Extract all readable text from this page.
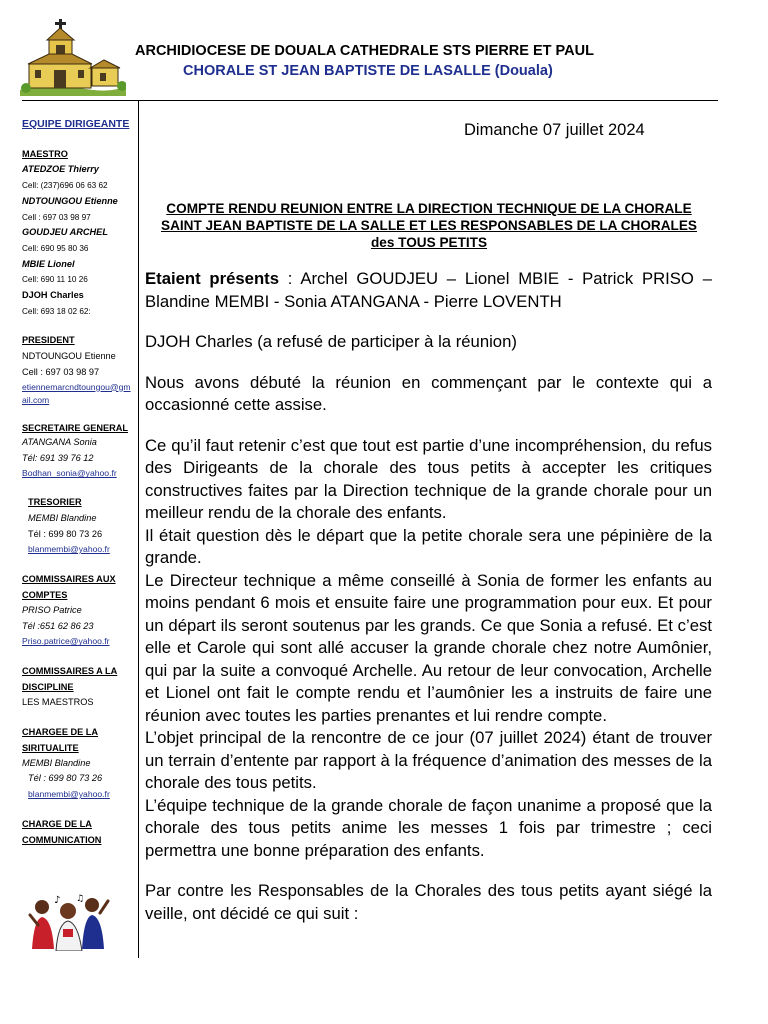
ARCHIDIOCESE DE DOUALA CATHEDRALE STS PIERRE ET PAUL
CHORALE ST JEAN BAPTISTE DE LASALLE (Douala)
EQUIPE DIRIGEANTE
MAESTRO
ATEDZOE Thierry
Cell: (237)696 06 63 62
NDTOUNGOU Etienne
Cell : 697 03 98 97
GOUDJEU ARCHEL
Cell: 690 95 80 36
MBIE Lionel
Cell: 690 11 10 26
DJOH Charles
Cell: 693 18 02 62:
PRESIDENT
NDTOUNGOU Etienne
Cell : 697 03 98 97
etiennemarcndtoungou@gmail.com
SECRETAIRE GENERAL
ATANGANA Sonia
Tél: 691 39 76 12
Bodhan_sonia@yahoo.fr
TRESORIER
MEMBI Blandine
Tél : 699 80 73 26
blanmembi@yahoo.fr
COMMISSAIRES AUX COMPTES
PRISO Patrice
Tél :651 62 86 23
Priso.patrice@yahoo.fr
COMMISSAIRES A LA DISCIPLINE
LES MAESTROS
CHARGEE DE LA SIRITUALITE
MEMBI Blandine
Tél : 699 80 73 26
blanmembi@yahoo.fr
CHARGE DE LA COMMUNICATION
♪ ♫
Dimanche 07 juillet 2024
COMPTE RENDU REUNION ENTRE LA DIRECTION TECHNIQUE DE LA CHORALE SAINT JEAN BAPTISTE DE LA SALLE ET LES RESPONSABLES DE LA CHORALES des TOUS PETITS

Etaient présents : Archel GOUDJEU – Lionel MBIE - Patrick PRISO – Blandine MEMBI - Sonia ATANGANA - Pierre LOVENTH

DJOH Charles (a refusé de participer à la réunion)

Nous avons débuté la réunion en commençant par le contexte qui a occasionné cette assise.

Ce qu’il faut retenir c’est que tout est partie d’une incompréhension, du refus des Dirigeants de la chorale des tous petits à accepter les critiques constructives faites par la Direction technique de la grande chorale pour un meilleur rendu de la chorale des enfants.

Il était question dès le départ que la petite chorale sera une pépinière de la grande.

Le Directeur technique a même conseillé à Sonia de former les enfants au moins pendant 6 mois et ensuite faire une programmation pour eux. Et pour un départ ils seront soutenus par les grands. Ce que Sonia a refusé. Et c’est elle et Carole qui sont allé accuser la grande chorale chez notre Aumônier, qui par la suite a convoqué Archelle. Au retour de leur convocation, Archelle et Lionel ont fait le compte rendu et l’aumônier les a instruits de faire une réunion avec toutes les parties prenantes et lui rendre compte.

L’objet principal de la rencontre de ce jour (07 juillet 2024) étant de trouver un terrain d’entente par rapport à la fréquence d’animation des messes de la chorale des tous petits.

L’équipe technique de la grande chorale de façon unanime a proposé que la chorale des tous petits anime les messes 1 fois par trimestre ; ceci permettra une bonne préparation des enfants.

Par contre les Responsables de la Chorales des tous petits ayant siégé la veille, ont décidé ce qui suit :
